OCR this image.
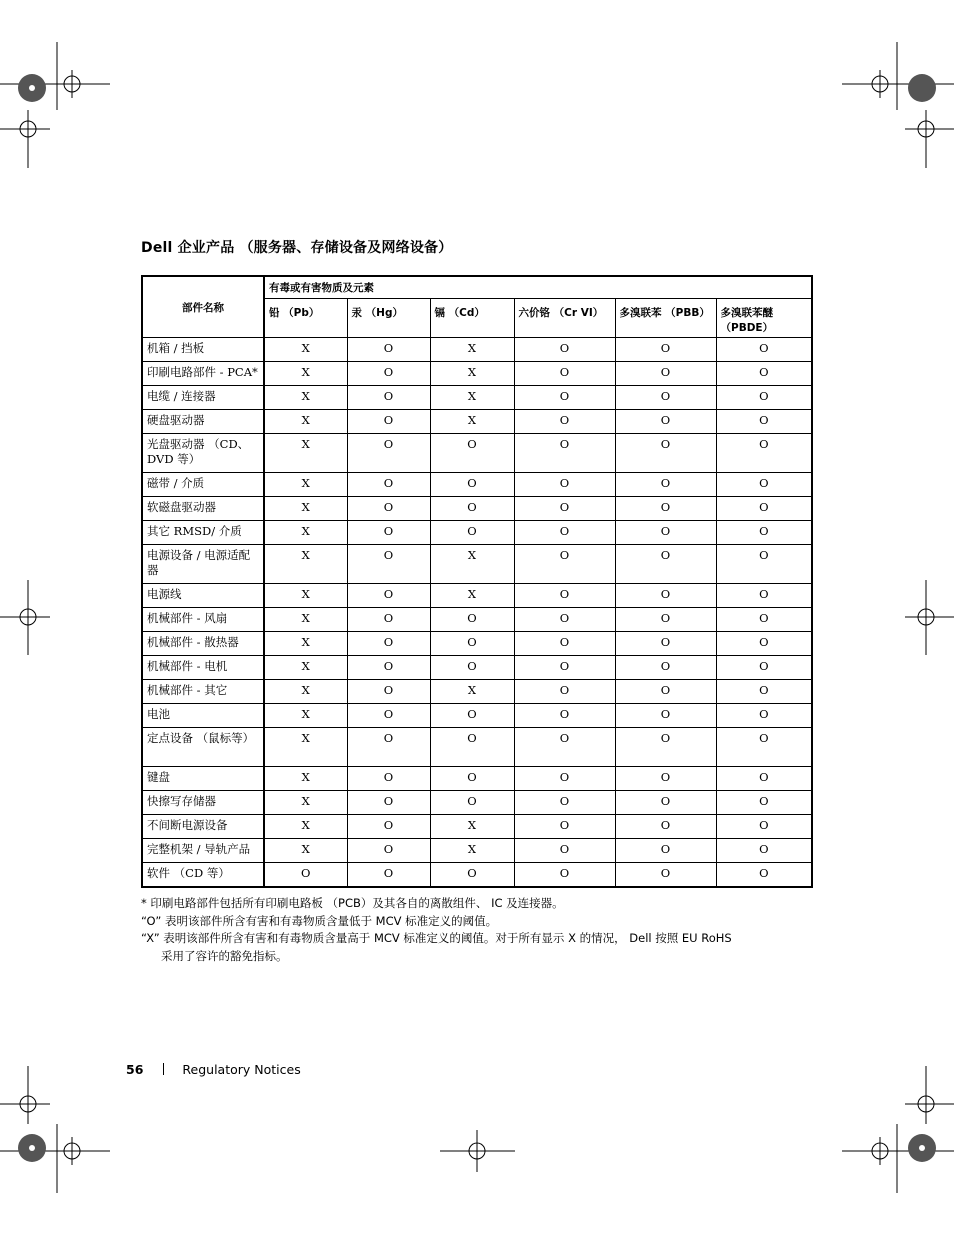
Dell 企业产品 （服务器、存储设备及网络设备）
部件名称	有毒或有害物质及元素					
	铅 （Pb）	汞 （Hg）	镉 （Cd）	六价铬 （Cr VI）	多溴联苯 （PBB）	多溴联苯醚 （PBDE）
机箱 / 挡板	X	O	X	O	O	O
印刷电路部件 - PCA*	X	O	X	O	O	O
电缆 / 连接器	X	O	X	O	O	O
硬盘驱动器	X	O	X	O	O	O
光盘驱动器 （CD、 DVD 等）	X	O	O	O	O	O
磁带 / 介质	X	O	O	O	O	O
软磁盘驱动器	X	O	O	O	O	O
其它 RMSD/ 介质	X	O	O	O	O	O
电源设备 / 电源适配器	X	O	X	O	O	O
电源线	X	O	X	O	O	O
机械部件 - 风扇	X	O	O	O	O	O
机械部件 - 散热器	X	O	O	O	O	O
机械部件 - 电机	X	O	O	O	O	O
机械部件 - 其它	X	O	X	O	O	O
电池	X	O	O	O	O	O
定点设备 （鼠标等）	X	O	O	O	O	O
键盘	X	O	O	O	O	O
快擦写存储器	X	O	O	O	O	O
不间断电源设备	X	O	X	O	O	O
完整机架 / 导轨产品	X	O	X	O	O	O
软件 （CD 等）	O	O	O	O	O	O
* 印刷电路部件包括所有印刷电路板 （PCB）及其各自的离散组件、 IC 及连接器。
“O” 表明该部件所含有害和有毒物质含量低于 MCV 标准定义的阈值。
“X” 表明该部件所含有害和有毒物质含量高于 MCV 标准定义的阈值。对于所有显示 X 的情况， Dell 按照 EU RoHS
采用了容许的豁免指标。
56	Regulatory Notices
